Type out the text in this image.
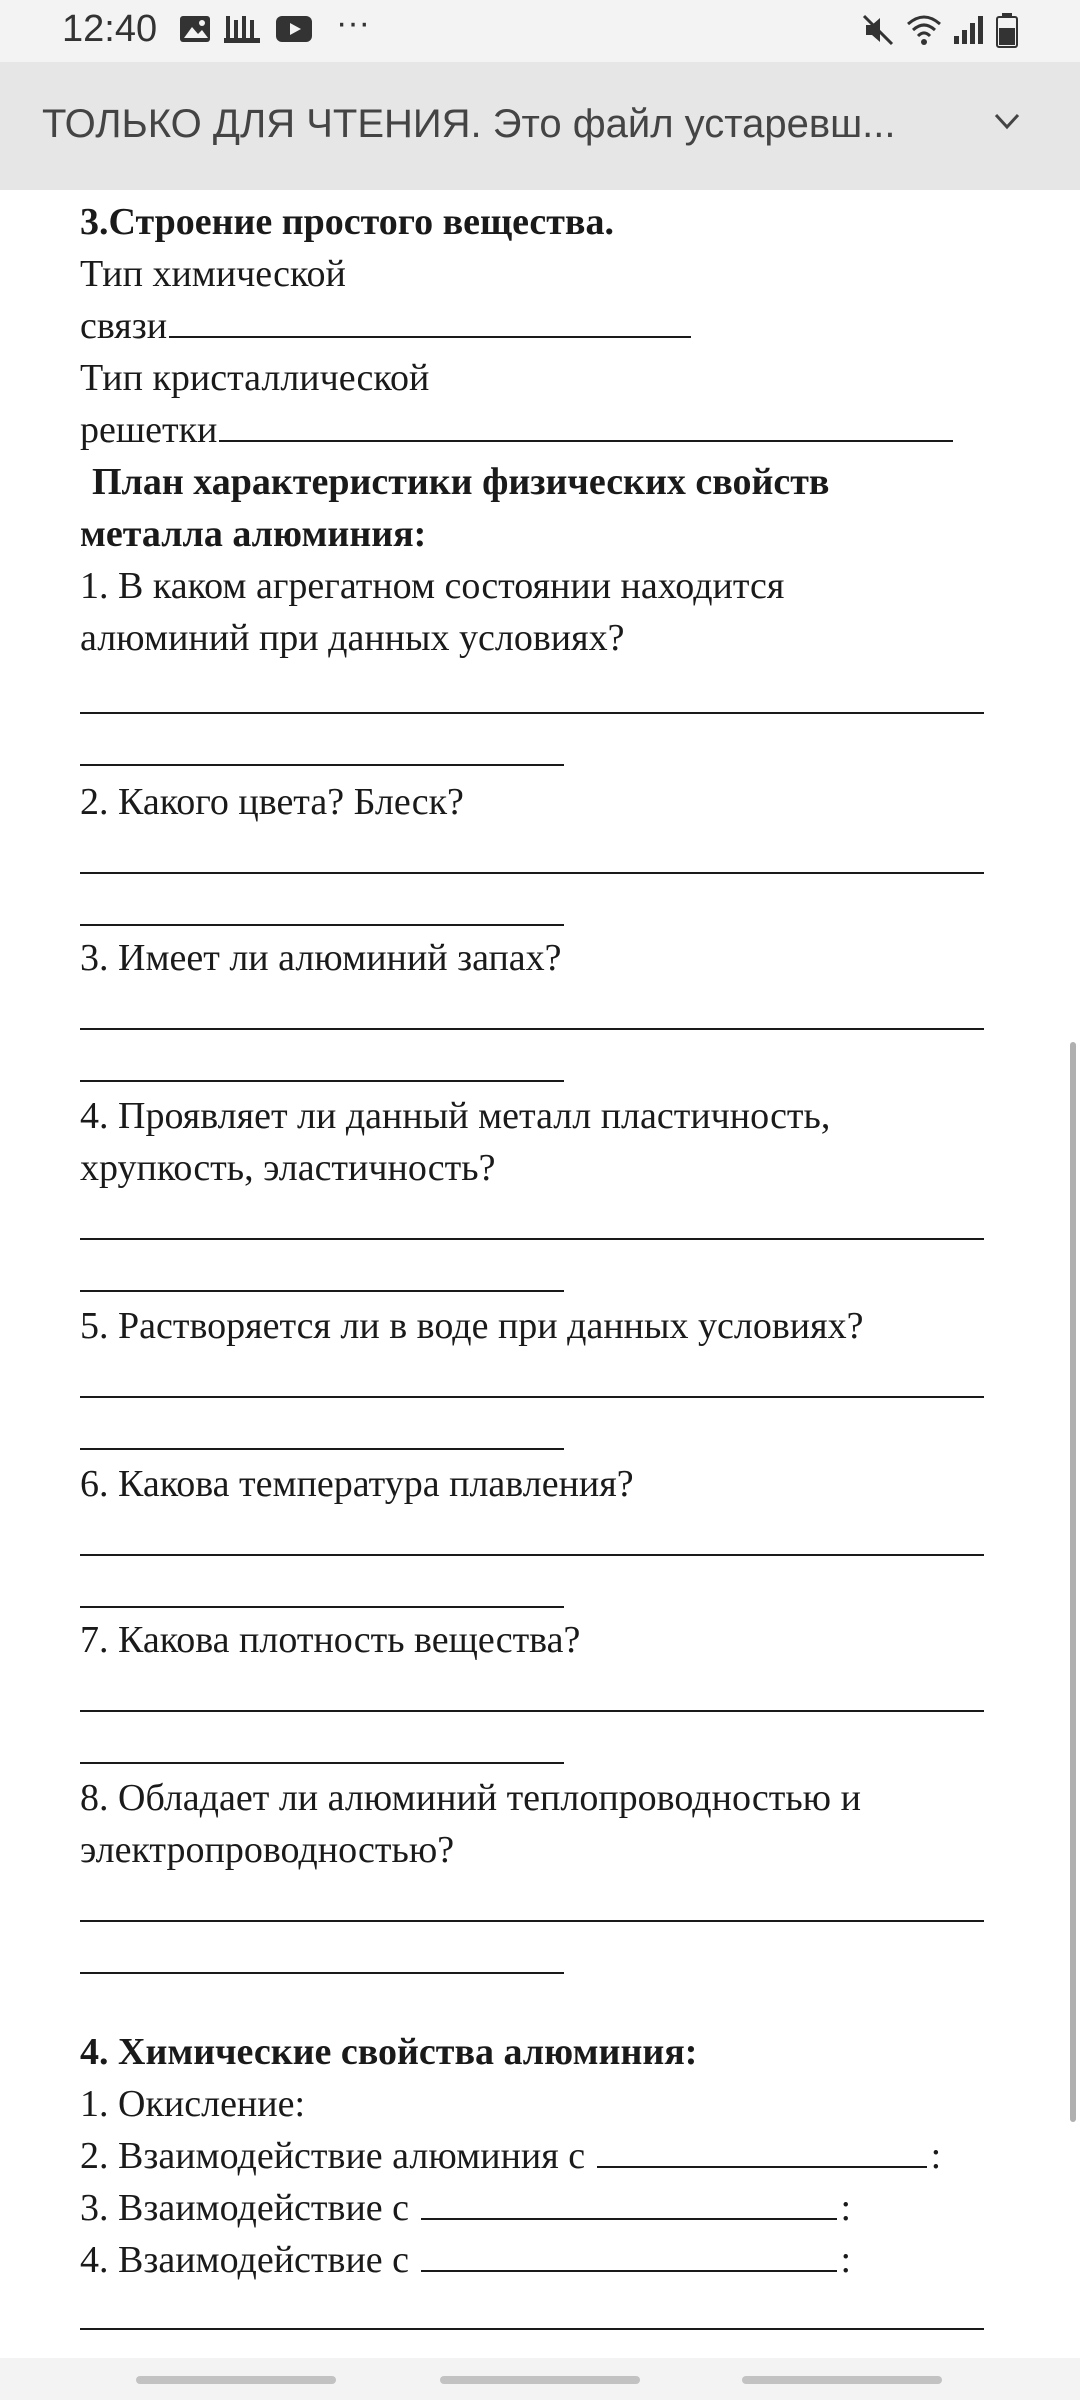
12:40	···
ТОЛЬКО ДЛЯ ЧТЕНИЯ. Это файл устаревш...
3.Строение простого вещества.
Тип химической
связи
Тип кристаллической
решетки
План характеристики физических свойств
металла алюминия:
1. В каком агрегатном состоянии находится
алюминий при данных условиях?
2. Какого цвета? Блеск?
3. Имеет ли алюминий запах?
4. Проявляет ли данный металл пластичность,
хрупкость, эластичность?
5. Растворяется ли в воде при данных условиях?
6. Какова температура плавления?
7. Какова плотность вещества?
8. Обладает ли алюминий теплопроводностью и
электропроводностью?
4. Химические свойства алюминия:
1. Окисление:
2. Взаимодействие алюминия с	:
3. Взаимодействие с	:
4. Взаимодействие с	:
